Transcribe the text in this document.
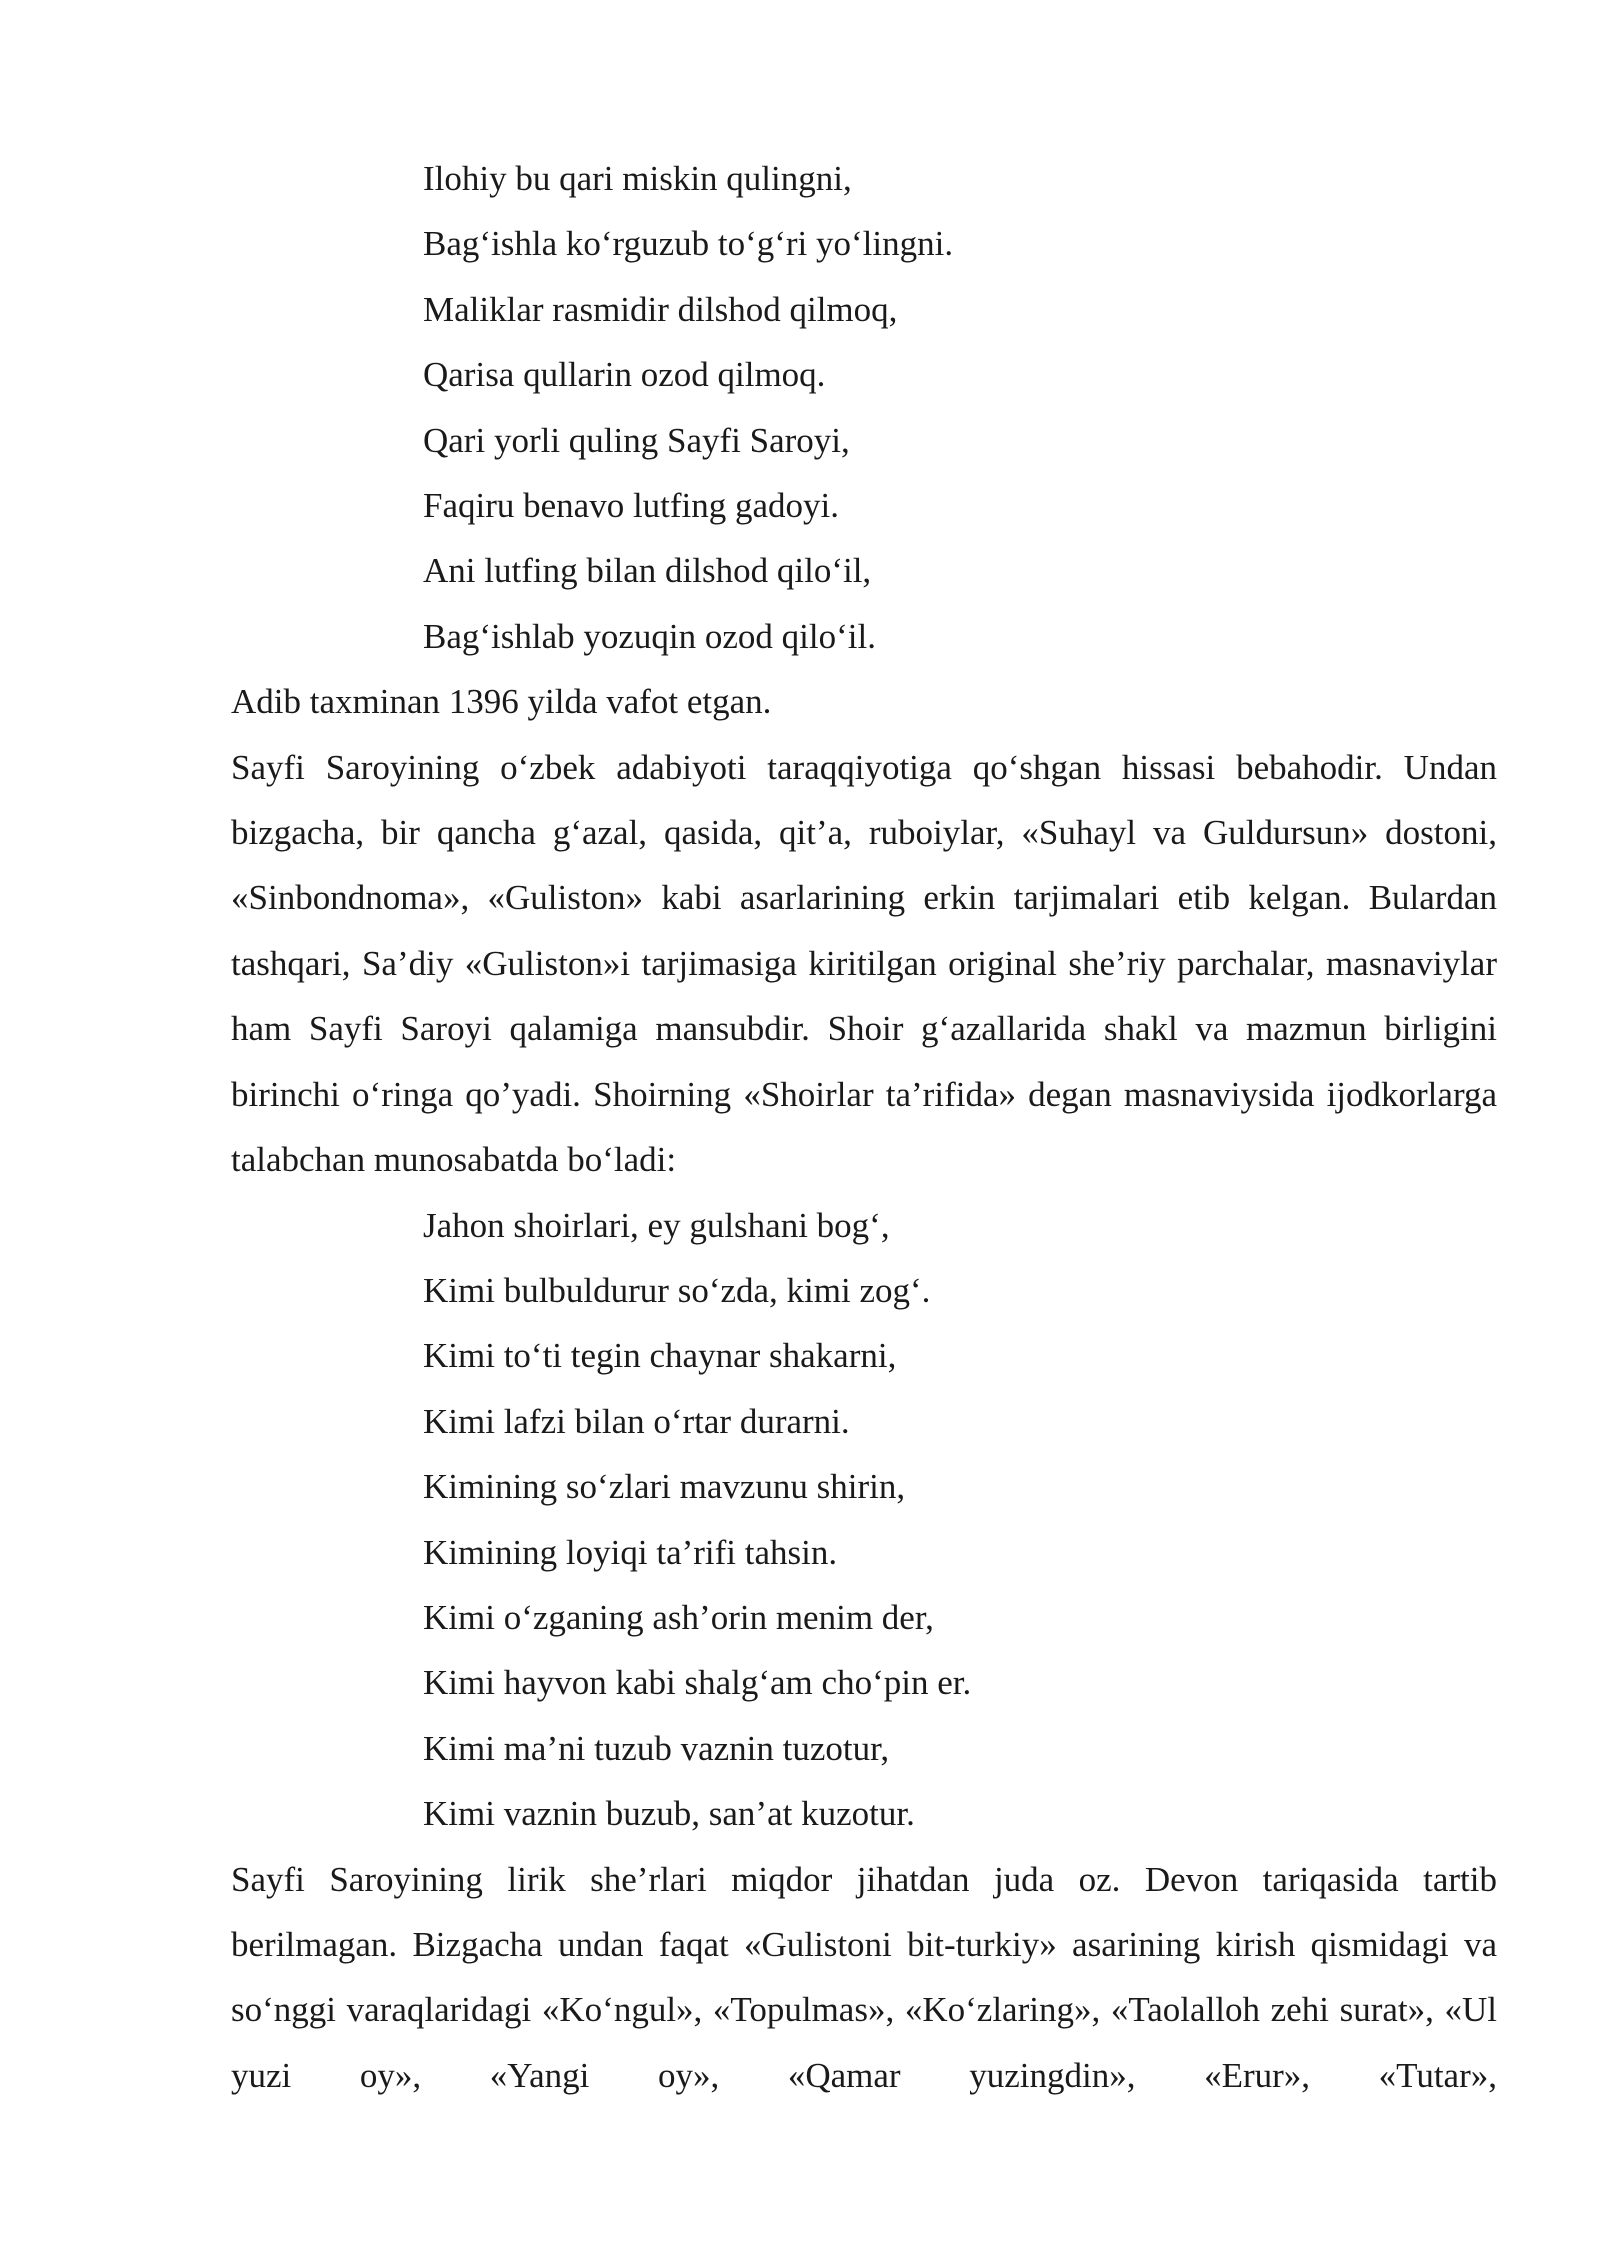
Ilohiy bu qari miskin qulingni,
Bag‘ishla ko‘rguzub to‘g‘ri yo‘lingni.
Maliklar rasmidir dilshod qilmoq,
Qarisa qullarin ozod qilmoq.
Qari yorli quling Sayfi Saroyi,
Faqiru benavo lutfing gadoyi.
Ani lutfing bilan dilshod qilo‘il,
Bag‘ishlab yozuqin ozod qilo‘il.

Adib taxminan 1396 yilda vafot etgan.

Sayfi Saroyining o‘zbek adabiyoti taraqqiyotiga qo‘shgan hissasi bebahodir. Undan bizgacha, bir qancha g‘azal, qasida, qit’a, ruboiylar, «Suhayl va Guldursun» dostoni, «Sinbondnoma», «Guliston» kabi asarlarining erkin tarjimalari etib kelgan. Bulardan tashqari, Sa’diy «Guliston»i tarjimasiga kiritilgan original she’riy parchalar, masnaviylar ham Sayfi Saroyi qalamiga mansubdir. Shoir g‘azallarida shakl va mazmun birligini birinchi o‘ringa qo’yadi. Shoirning «Shoirlar ta’rifida» degan masnaviysida ijodkorlarga talabchan munosabatda bo‘ladi:

Jahon shoirlari, ey gulshani bog‘,
Kimi bulbuldurur so‘zda, kimi zog‘.
Kimi to‘ti tegin chaynar shakarni,
Kimi lafzi bilan o‘rtar durarni.
Kimining so‘zlari mavzunu shirin,
Kimining loyiqi ta’rifi tahsin.
Kimi o‘zganing ash’orin menim der,
Kimi hayvon kabi shalg‘am cho‘pin er.
Kimi ma’ni tuzub vaznin tuzotur,
Kimi vaznin buzub, san’at kuzotur.

Sayfi Saroyining lirik she’rlari miqdor jihatdan juda oz. Devon tariqasida tartib berilmagan. Bizgacha undan faqat «Gulistoni bit-turkiy» asarining kirish qismidagi va so‘nggi varaqlaridagi «Ko‘ngul», «Topulmas», «Ko‘zlaring», «Taolalloh zehi surat», «Ul yuzi oy», «Yangi oy», «Qamar yuzingdin», «Erur», «Tutar»,
